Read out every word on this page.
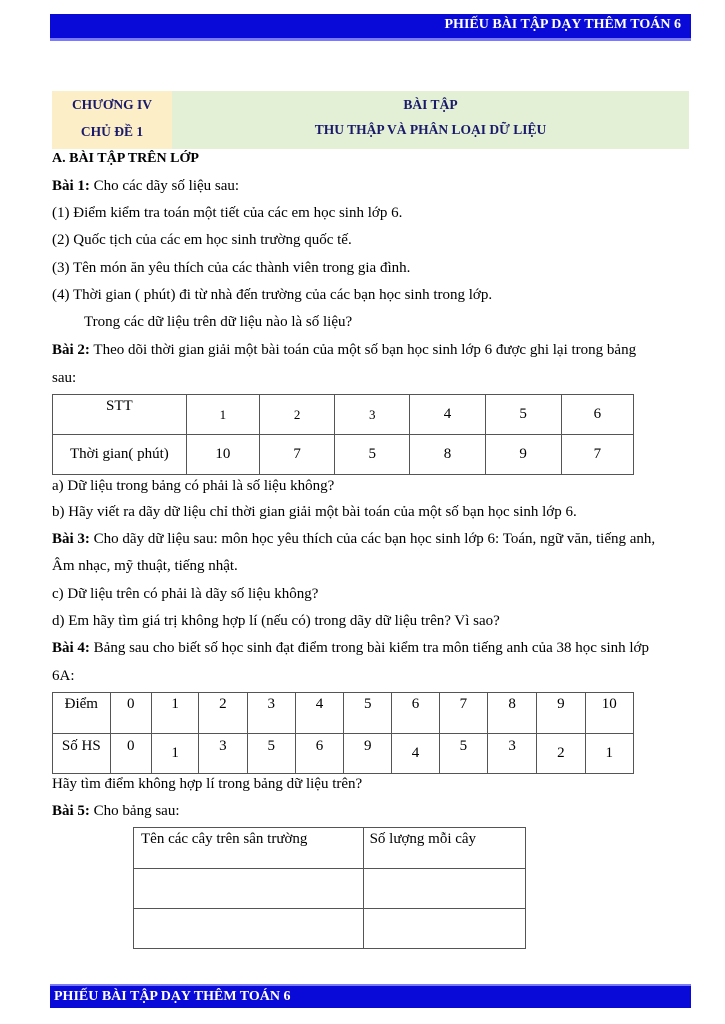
PHIẾU BÀI TẬP DẠY THÊM TOÁN 6
CHƯƠNG IV
CHỦ ĐỀ 1
BÀI TẬP
THU THẬP VÀ PHÂN LOẠI DỮ LIỆU
A. BÀI TẬP TRÊN LỚP
Bài 1: Cho các dãy số liệu sau:
(1) Điểm kiểm tra toán một tiết của các em học sinh lớp 6.
(2) Quốc tịch của các em học sinh trường quốc tế.
(3) Tên món ăn yêu thích của các thành viên trong gia đình.
(4) Thời gian ( phút) đi từ nhà đến trường của các bạn học sinh trong lớp.
Trong các dữ liệu trên dữ liệu nào là số liệu?
Bài 2: Theo dõi thời gian giải một bài toán của một số bạn học sinh lớp 6 được ghi lại trong bảng
sau:
STT	1	2	3	4	5	6
Thời gian( phút)	10	7	5	8	9	7
a) Dữ liệu trong bảng có phải là số liệu không?
b) Hãy viết ra dãy dữ liệu chỉ thời gian giải một bài toán của một số bạn học sinh lớp 6.
Bài 3: Cho dãy dữ liệu sau: môn học yêu thích của các bạn học sinh lớp 6: Toán, ngữ văn, tiếng anh,
Âm nhạc, mỹ thuật, tiếng nhật.
c) Dữ liệu trên có phải là dãy số liệu không?
d) Em hãy tìm giá trị không hợp lí (nếu có) trong dãy dữ liệu trên? Vì sao?
Bài 4: Bảng sau cho biết số học sinh đạt điểm trong bài kiểm tra môn tiếng anh của 38 học sinh lớp
6A:
Điểm	0	1	2	3	4	5	6	7	8	9	10
Số HS	0	1	3	5	6	9	4	5	3	2	1
Hãy tìm điểm không hợp lí trong bảng dữ liệu trên?
Bài 5: Cho bảng sau:
Tên các cây trên sân trường	Số lượng mỗi cây

PHIẾU BÀI TẬP DẠY THÊM TOÁN 6
